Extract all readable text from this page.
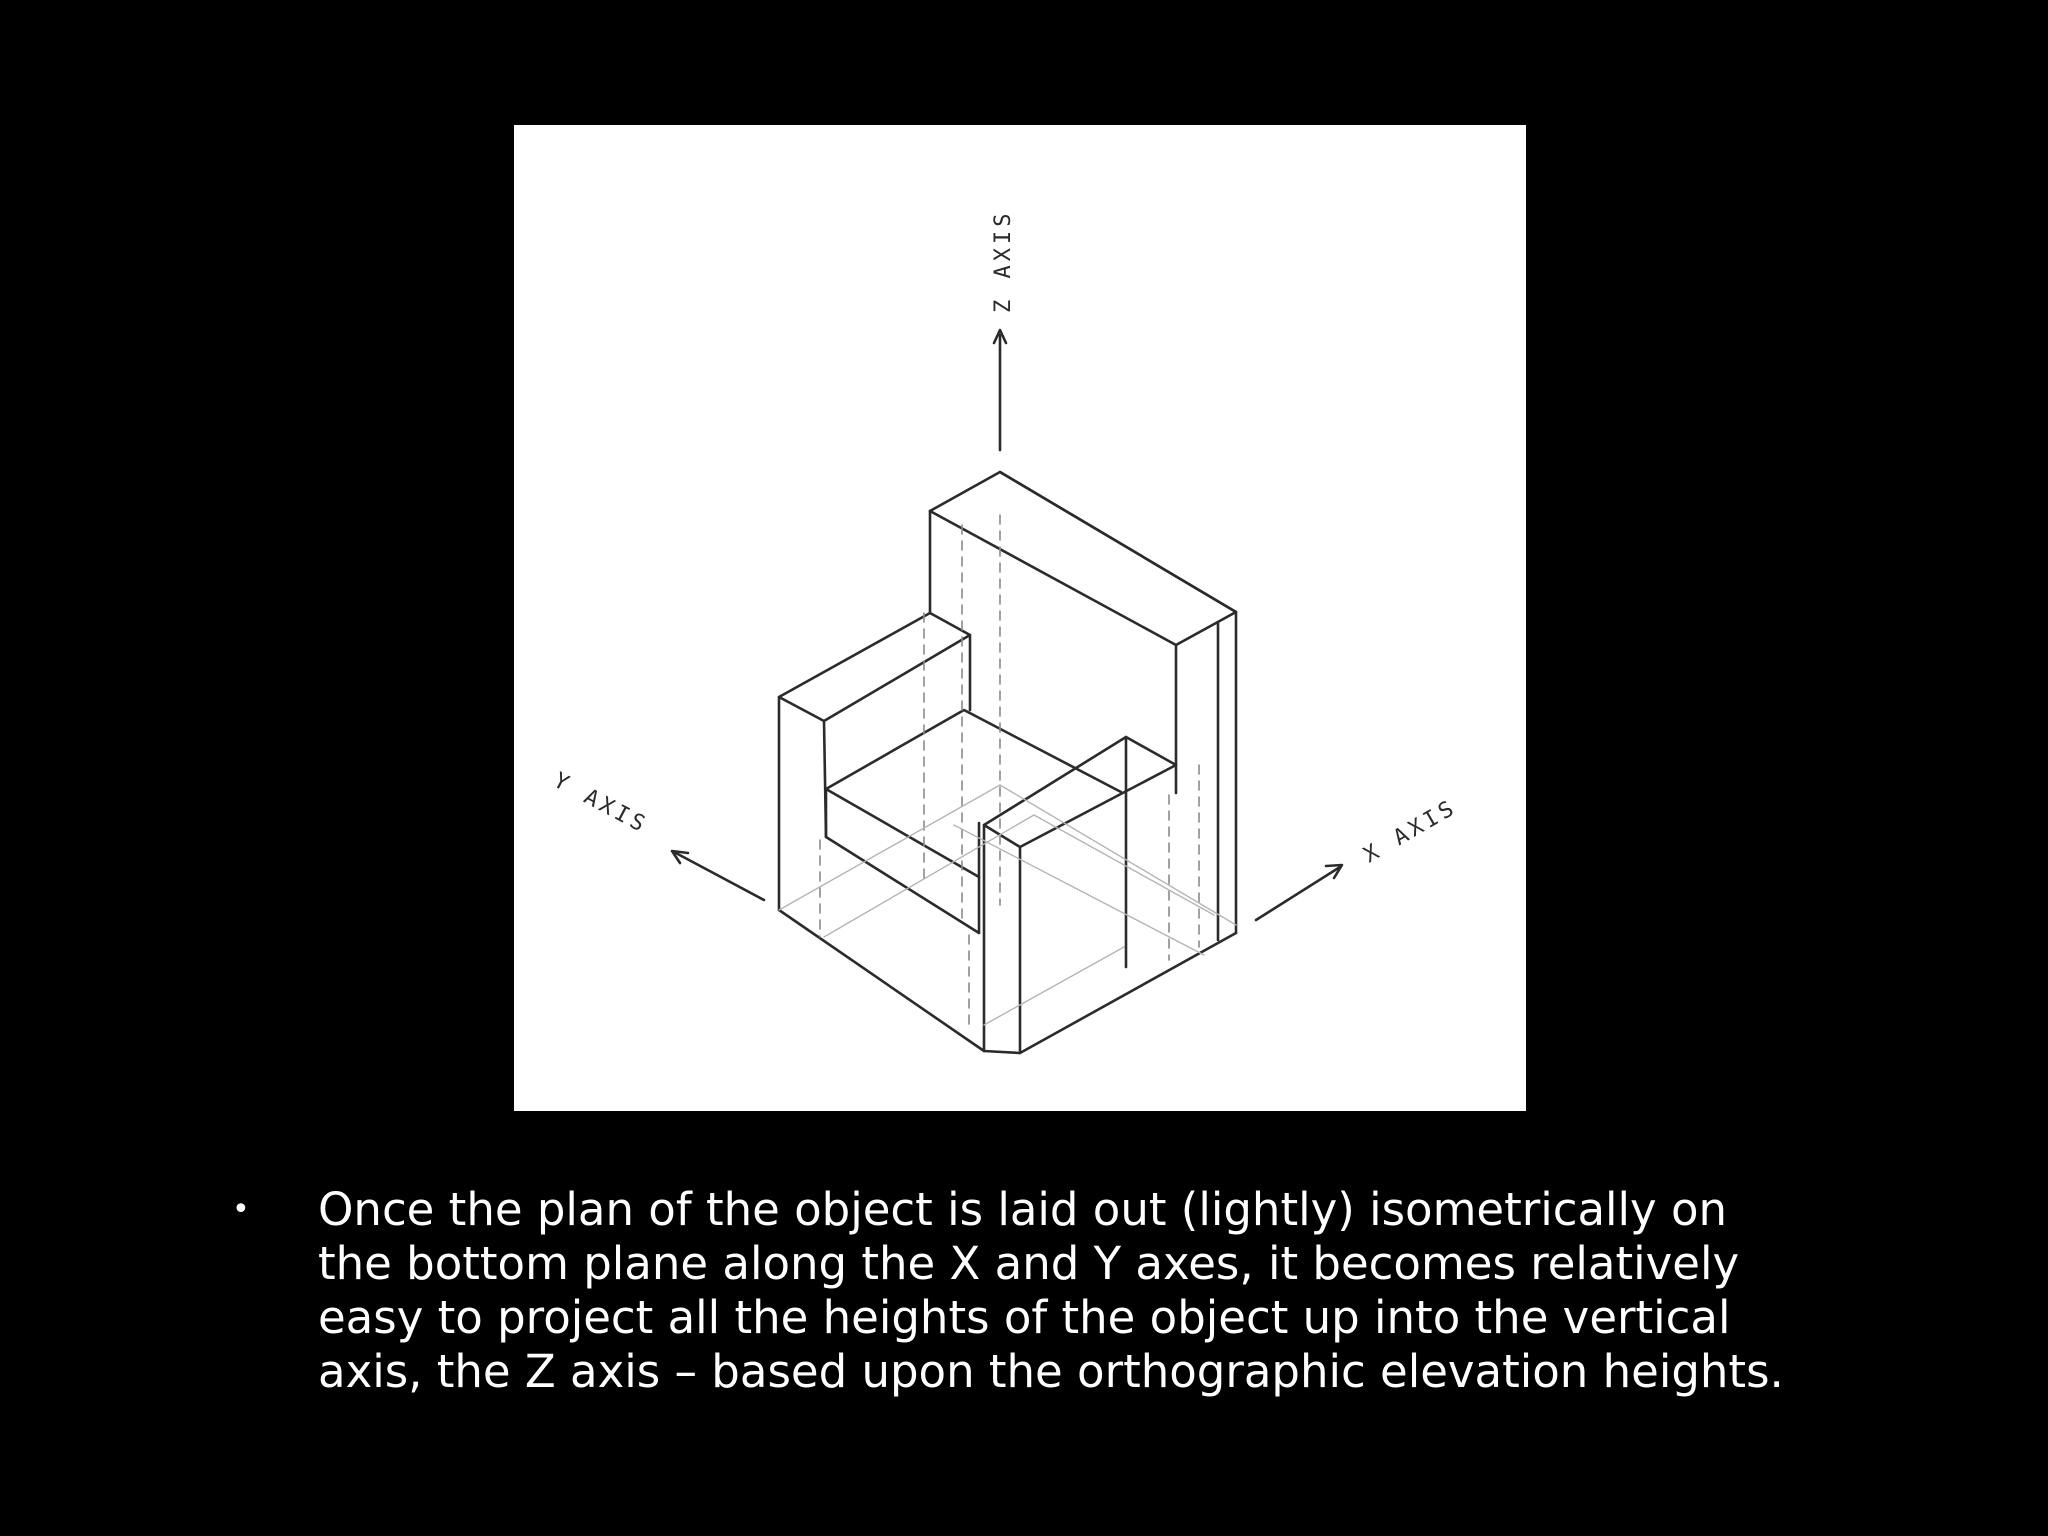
Z AXIS
Y AXIS	X AXIS
•	Once the plan of the object is laid out (lightly) isometrically on
the bottom plane along the X and Y axes, it becomes relatively
easy to project all the heights of the object up into the vertical
axis, the Z axis – based upon the orthographic elevation heights.
